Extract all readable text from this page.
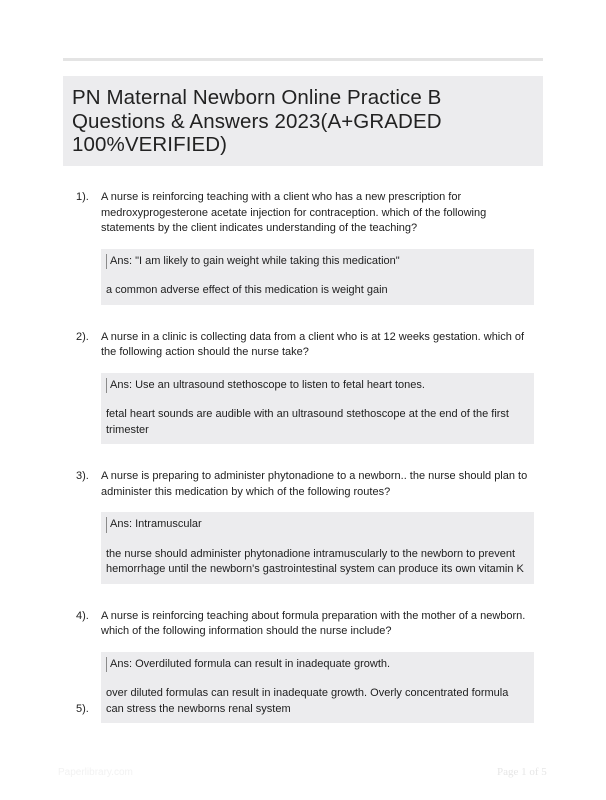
PN Maternal Newborn Online Practice B Questions & Answers 2023(A+GRADED 100%VERIFIED)
1). A nurse is reinforcing teaching with a client who has a new prescription for medroxyprogesterone acetate injection for contraception. which of the following statements by the client indicates understanding of the teaching?
Ans: "I am likely to gain weight while taking this medication"
a common adverse effect of this medication is weight gain
2). A nurse in a clinic is collecting data from a client who is at 12 weeks gestation. which of the following action should the nurse take?
Ans: Use an ultrasound stethoscope to listen to fetal heart tones.
fetal heart sounds are audible with an ultrasound stethoscope at the end of the first trimester
3). A nurse is preparing to administer phytonadione to a newborn.. the nurse should plan to administer this medication by which of the following routes?
Ans: Intramuscular
the nurse should administer phytonadione intramuscularly to the newborn to prevent hemorrhage until the newborn's gastrointestinal system can produce its own vitamin K
4). A nurse is reinforcing teaching about formula preparation with the mother of a newborn. which of the following information should the nurse include?
Ans: Overdiluted formula can result in inadequate growth.
over diluted formulas can result in inadequate growth. Overly concentrated formula can stress the newborns renal system
5).
Paperlibrary.com	Page 1 of 5
